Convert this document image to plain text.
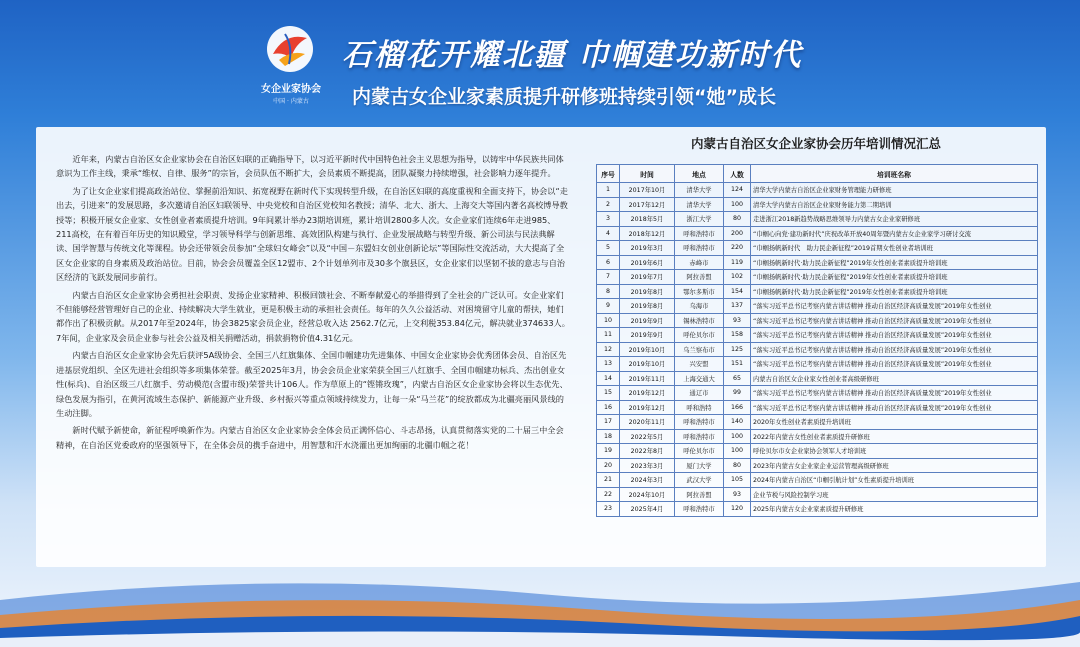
女企业家协会
中国 · 内蒙古
石榴花开耀北疆 巾帼建功新时代
内蒙古女企业家素质提升研修班持续引领“她”成长

近年来，内蒙古自治区女企业家协会在自治区妇联的正确指导下，以习近平新时代中国特色社会主义思想为指导，以铸牢中华民族共同体意识为工作主线，秉承“维权、自律、服务”的宗旨，会员队伍不断扩大，会员素质不断提高，团队凝聚力持续增强，社会影响力逐年提升。

为了让女企业家们提高政治站位、掌握前沿知识、拓宽视野在新时代下实现转型升级，在自治区妇联的高度重视和全面支持下，协会以“走出去，引进来”的发展思路，多次邀请自治区妇联领导、中央党校和自治区党校知名教授；清华、北大、浙大、上海交大等国内著名高校博导教授等；积极开展女企业家、女性创业者素质提升培训。9年间累计举办23期培训班，累计培训2800多人次。女企业家们连续6年走进985、211高校，在有着百年历史的知识殿堂，学习领导科学与创新思维、高效团队构建与执行、企业发展战略与转型升级、新公司法与民法典解读、国学智慧与传统文化等课程。协会还带领会员参加“全球妇女峰会”以及“中国－东盟妇女创业创新论坛”等国际性交流活动，大大提高了全区女企业家的自身素质及政治站位。目前，协会会员覆盖全区12盟市、2个计划单列市及30多个旗县区，女企业家们以坚韧不拔的意志与自治区经济的飞跃发展同步前行。

内蒙古自治区女企业家协会勇担社会职责、发扬企业家精神、积极回馈社会、不断奉献爱心的举措得到了全社会的广泛认可。女企业家们不但能够经营管理好自己的企业、持续解决大学生就业，更是积极主动的承担社会责任。每年的久久公益活动、对困境留守儿童的帮扶，她们都作出了积极贡献。从2017年至2024年，协会3825家会员企业，经营总收入达 2562.7亿元，上交利税353.84亿元，解决就业374633人。7年间，企业家及会员企业参与社会公益及相关捐赠活动，捐款捐物价值4.31亿元。

内蒙古自治区女企业家协会先后获评5A级协会、全国三八红旗集体、全国巾帼建功先进集体、中国女企业家协会优秀团体会员、自治区先进基层党组织、全区先进社会组织等多项集体荣誉。截至2025年3月，协会会员企业家荣获全国三八红旗手、全国巾帼建功标兵、杰出创业女性(标兵)、自治区级三八红旗手、劳动模范(含盟市级)荣誉共计106人。作为草原上的“铿锵玫瑰”，内蒙古自治区女企业家协会将以生态优先、绿色发展为指引，在黄河流域生态保护、新能源产业升级、乡村振兴等重点领域持续发力，让每一朵“马兰花”的绽放都成为北疆亮丽风景线的生动注脚。

新时代赋予新使命，新征程呼唤新作为。内蒙古自治区女企业家协会全体会员正满怀信心、斗志昂扬，认真贯彻落实党的二十届三中全会精神，在自治区党委政府的坚强领导下，在全体会员的携手奋进中，用智慧和汗水浇灌出更加绚丽的北疆巾帼之花！

内蒙古自治区女企业家协会历年培训情况汇总
序号	时间	地点	人数	培训班名称
1	2017年10月	清华大学	124	清华大学内蒙古自治区企业家财务管理能力研修班
2	2017年12月	清华大学	100	清华大学内蒙古自治区企业家财务能力第二期培训
3	2018年5月	浙江大学	80	走进浙江2018新趋势战略思维领导力内蒙古女企业家研修班
4	2018年12月	呼和浩特市	200	“巾帼心向党·建功新时代”庆祝改革开放40周年暨内蒙古女企业家学习研讨交流
5	2019年3月	呼和浩特市	220	“巾帼扬帆新时代　助力民企新征程”2019首期女性创业者培训班
6	2019年6月	赤峰市	119	“巾帼扬帆新时代·助力民企新征程”2019年女性创业者素质提升培训班
7	2019年7月	阿拉善盟	102	“巾帼扬帆新时代·助力民企新征程”2019年女性创业者素质提升培训班
8	2019年8月	鄂尔多斯市	154	“巾帼扬帆新时代·助力民企新征程”2019年女性创业者素质提升培训班
9	2019年8月	乌海市	137	“落实习近平总书记考察内蒙古讲话精神 推动自治区经济高质量发展”2019年女性创业
10	2019年9月	锡林浩特市	93	“落实习近平总书记考察内蒙古讲话精神 推动自治区经济高质量发展”2019年女性创业
11	2019年9月	呼伦贝尔市	158	“落实习近平总书记考察内蒙古讲话精神 推动自治区经济高质量发展”2019年女性创业
12	2019年10月	乌兰察布市	125	“落实习近平总书记考察内蒙古讲话精神 推动自治区经济高质量发展”2019年女性创业
13	2019年10月	兴安盟	151	“落实习近平总书记考察内蒙古讲话精神 推动自治区经济高质量发展”2019年女性创业
14	2019年11月	上海交通大	65	内蒙古自治区女企业家女性创业者高级研修班
15	2019年12月	通辽市	99	“落实习近平总书记考察内蒙古讲话精神 推动自治区经济高质量发展”2019年女性创业
16	2019年12月	呼和浩特	166	“落实习近平总书记考察内蒙古讲话精神 推动自治区经济高质量发展”2019年女性创业
17	2020年11月	呼和浩特市	140	2020年女性创业者素质提升培训班
18	2022年5月	呼和浩特市	100	2022年内蒙古女性创业者素质提升研修班
19	2022年8月	呼伦贝尔市	100	呼伦贝尔市女企业家协会领军人才培训班
20	2023年3月	厦门大学	80	2023年内蒙古女企业家企业运营管理高级研修班
21	2024年3月	武汉大学	105	2024年内蒙古自治区“巾帼引航计划”女性素质提升培训班
22	2024年10月	阿拉善盟	93	企业节税与风险控制学习班
23	2025年4月	呼和浩特市	120	2025年内蒙古女企业家素质提升研修班
